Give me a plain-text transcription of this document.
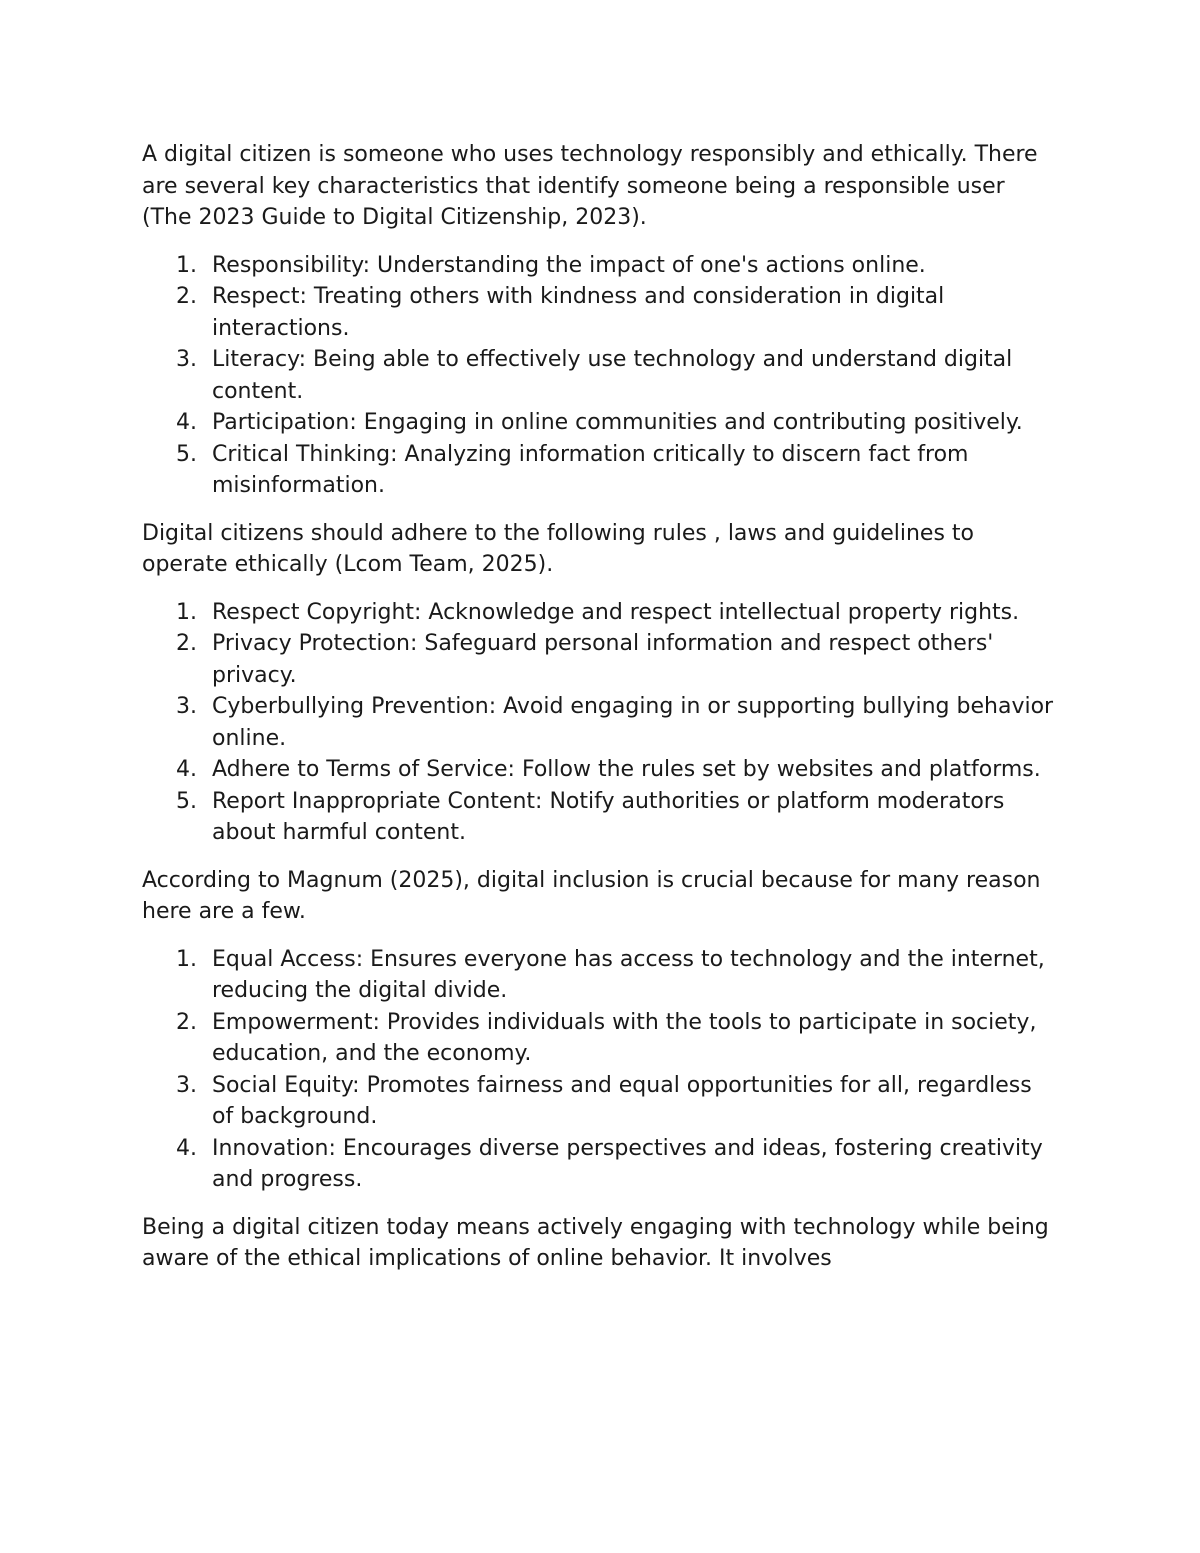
A digital citizen is someone who uses technology responsibly and ethically. There are several key characteristics that identify someone being a responsible user (The 2023 Guide to Digital Citizenship, 2023).

1. Responsibility: Understanding the impact of one's actions online.
2. Respect: Treating others with kindness and consideration in digital interactions.
3. Literacy: Being able to effectively use technology and understand digital content.
4. Participation: Engaging in online communities and contributing positively.
5. Critical Thinking: Analyzing information critically to discern fact from misinformation.

Digital citizens should adhere to the following rules , laws and guidelines to operate ethically (Lcom Team, 2025).

1. Respect Copyright: Acknowledge and respect intellectual property rights.
2. Privacy Protection: Safeguard personal information and respect others' privacy.
3. Cyberbullying Prevention: Avoid engaging in or supporting bullying behavior online.
4. Adhere to Terms of Service: Follow the rules set by websites and platforms.
5. Report Inappropriate Content: Notify authorities or platform moderators about harmful content.

According to Magnum (2025), digital inclusion is crucial because for many reason here are a few.

1. Equal Access: Ensures everyone has access to technology and the internet, reducing the digital divide.
2. Empowerment: Provides individuals with the tools to participate in society, education, and the economy.
3. Social Equity: Promotes fairness and equal opportunities for all, regardless of background.
4. Innovation: Encourages diverse perspectives and ideas, fostering creativity and progress.

Being a digital citizen today means actively engaging with technology while being aware of the ethical implications of online behavior. It involves
